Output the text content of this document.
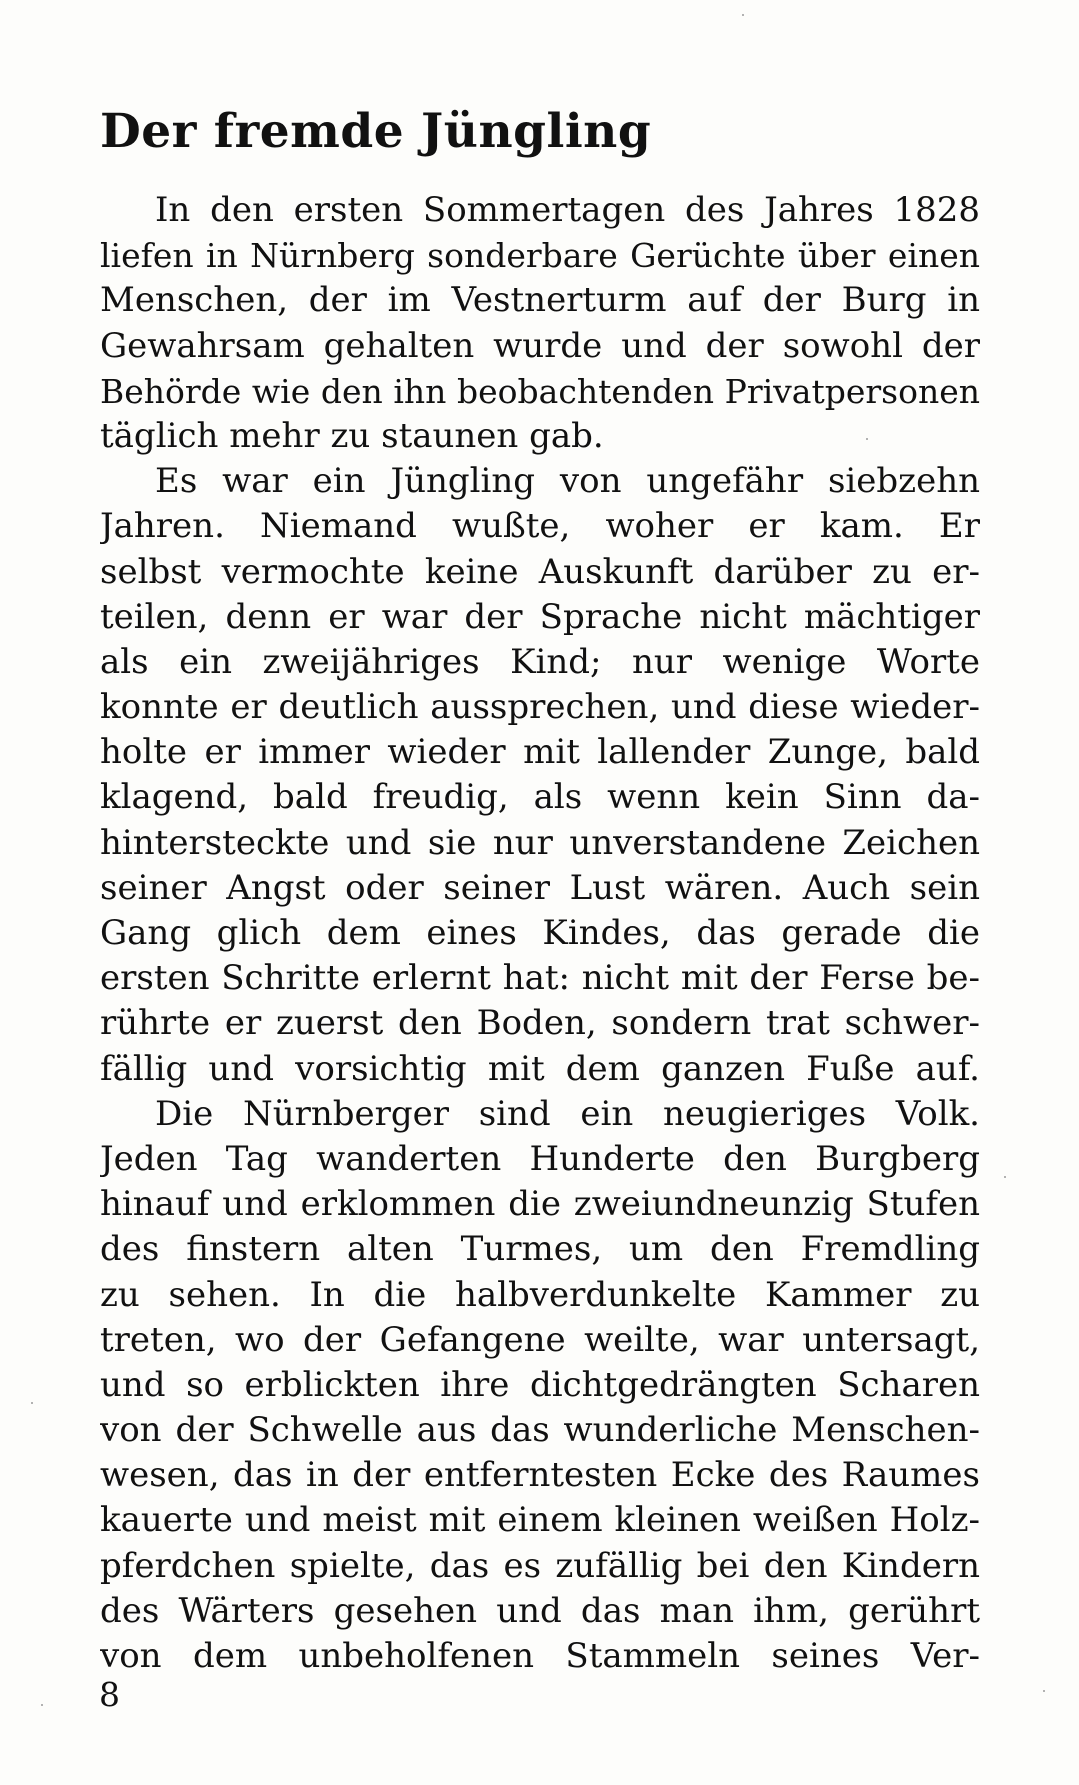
Der fremde Jüngling
In den ersten Sommertagen des Jahres 1828
liefen in Nürnberg sonderbare Gerüchte über einen
Menschen, der im Vestnerturm auf der Burg in
Gewahrsam gehalten wurde und der sowohl der
Behörde wie den ihn beobachtenden Privatpersonen
täglich mehr zu staunen gab.
Es war ein Jüngling von ungefähr siebzehn
Jahren. Niemand wußte, woher er kam. Er
selbst vermochte keine Auskunft darüber zu er-
teilen, denn er war der Sprache nicht mächtiger
als ein zweijähriges Kind; nur wenige Worte
konnte er deutlich aussprechen, und diese wieder-
holte er immer wieder mit lallender Zunge, bald
klagend, bald freudig, als wenn kein Sinn da-
hintersteckte und sie nur unverstandene Zeichen
seiner Angst oder seiner Lust wären. Auch sein
Gang glich dem eines Kindes, das gerade die
ersten Schritte erlernt hat: nicht mit der Ferse be-
rührte er zuerst den Boden, sondern trat schwer-
fällig und vorsichtig mit dem ganzen Fuße auf.
Die Nürnberger sind ein neugieriges Volk.
Jeden Tag wanderten Hunderte den Burgberg
hinauf und erklommen die zweiundneunzig Stufen
des finstern alten Turmes, um den Fremdling
zu sehen. In die halbverdunkelte Kammer zu
treten, wo der Gefangene weilte, war untersagt,
und so erblickten ihre dichtgedrängten Scharen
von der Schwelle aus das wunderliche Menschen-
wesen, das in der entferntesten Ecke des Raumes
kauerte und meist mit einem kleinen weißen Holz-
pferdchen spielte, das es zufällig bei den Kindern
des Wärters gesehen und das man ihm, gerührt
von dem unbeholfenen Stammeln seines Ver-
8
